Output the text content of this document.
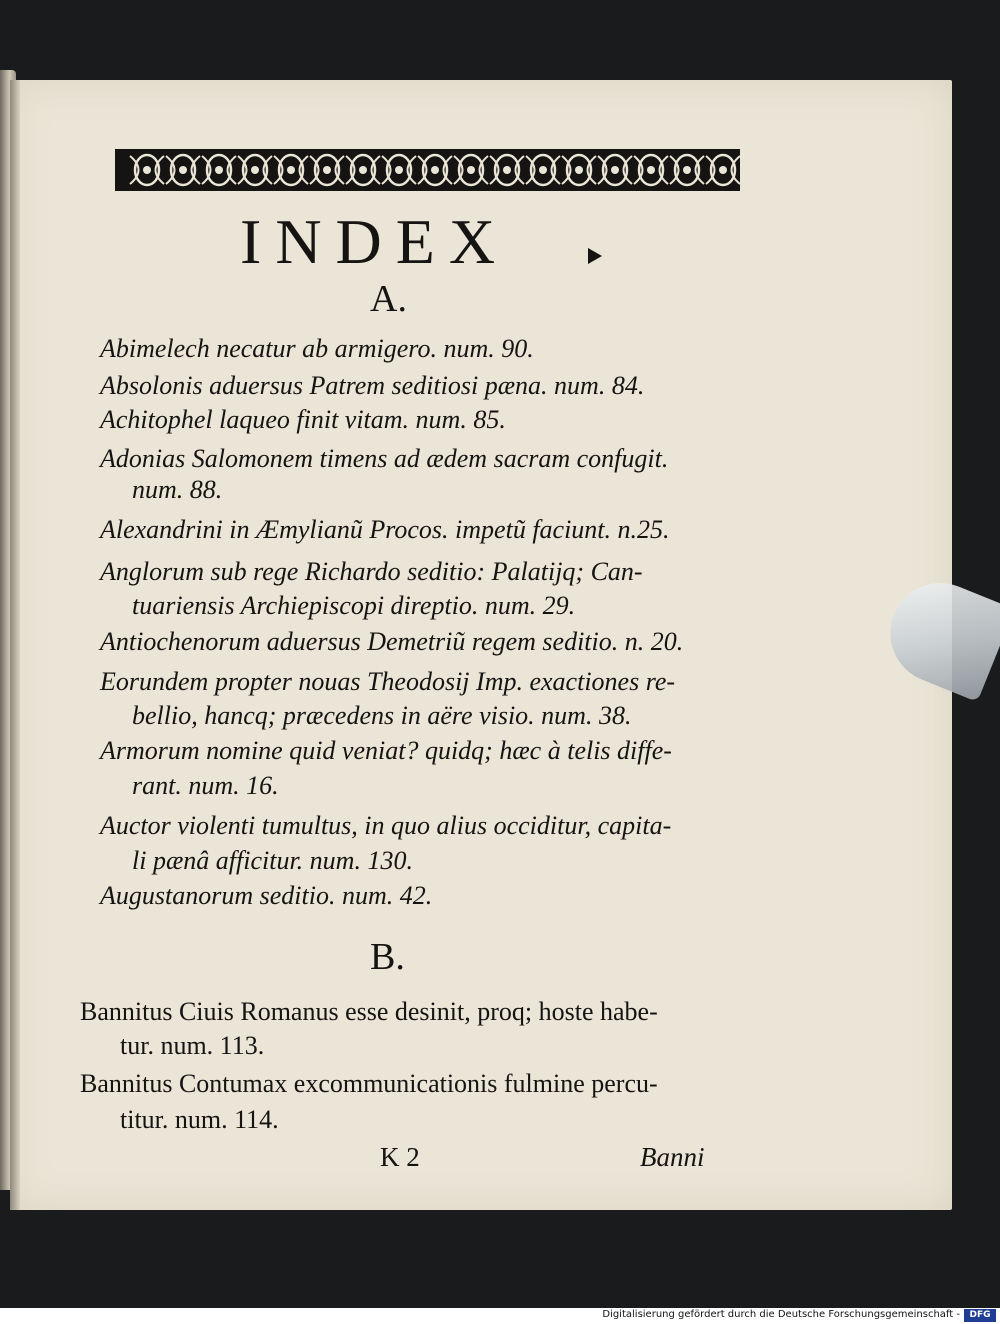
INDEX
A.
B.
Abimelech necatur ab armigero. num. 90.
Absolonis aduersus Patrem seditiosi pæna. num. 84.
Achitophel laqueo finit vitam. num. 85.
Adonias Salomonem timens ad ædem sacram confugit.
num. 88.
Alexandrini in Æmylianũ Procos. impetũ faciunt. n.25.
Anglorum sub rege Richardo seditio: Palatijq; Can-
tuariensis Archiepiscopi direptio. num. 29.
Antiochenorum aduersus Demetriũ regem seditio. n. 20.
Eorundem propter nouas Theodosij Imp. exactiones re-
bellio, hancq; præcedens in aëre visio. num. 38.
Armorum nomine quid veniat? quidq; hæc à telis diffe-
rant. num. 16.
Auctor violenti tumultus, in quo alius occiditur, capita-
li pænâ afficitur. num. 130.
Augustanorum seditio. num. 42.
Bannitus Ciuis Romanus esse desinit, proq; hoste habe-
tur. num. 113.
Bannitus Contumax excommunicationis fulmine percu-
titur. num. 114.
K 2	Banni
Digitalisierung gefördert durch die Deutsche Forschungsgemeinschaft -	DFG
